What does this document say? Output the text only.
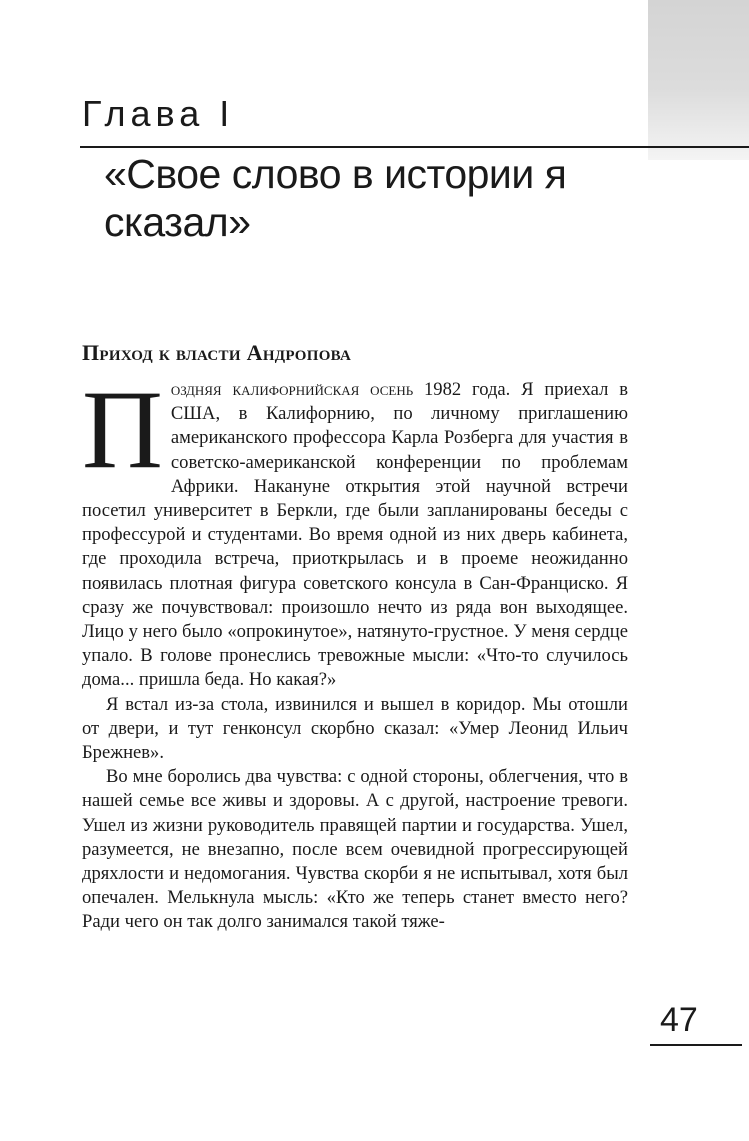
Глава I
«Свое слово в истории я сказал»
Приход к власти Андропова

Поздняя калифорнийская осень 1982 года. Я приехал в США, в Калифорнию, по личному приглашению американского профессора Карла Розберга для участия в советско-американской конференции по проблемам Африки. Накануне открытия этой научной встречи посетил университет в Беркли, где были запланированы беседы с профессурой и студентами. Во время одной из них дверь кабинета, где проходила встреча, приоткрылась и в проеме неожиданно появилась плотная фигура советского консула в Сан-Франциско. Я сразу же почувствовал: произошло нечто из ряда вон выходящее. Лицо у него было «опрокинутое», натянуто-грустное. У меня сердце упало. В голове пронеслись тревожные мысли: «Что-то случилось дома... пришла беда. Но какая?»

Я встал из-за стола, извинился и вышел в коридор. Мы отошли от двери, и тут генконсул скорбно сказал: «Умер Леонид Ильич Брежнев».

Во мне боролись два чувства: с одной стороны, облегчения, что в нашей семье все живы и здоровы. А с другой, настроение тревоги. Ушел из жизни руководитель правящей партии и государства. Ушел, разумеется, не внезапно, после всем очевидной прогрессирующей дряхлости и недомогания. Чувства скорби я не испытывал, хотя был опечален. Мелькнула мысль: «Кто же теперь станет вместо него? Ради чего он так долго занимался такой тяже-

47
